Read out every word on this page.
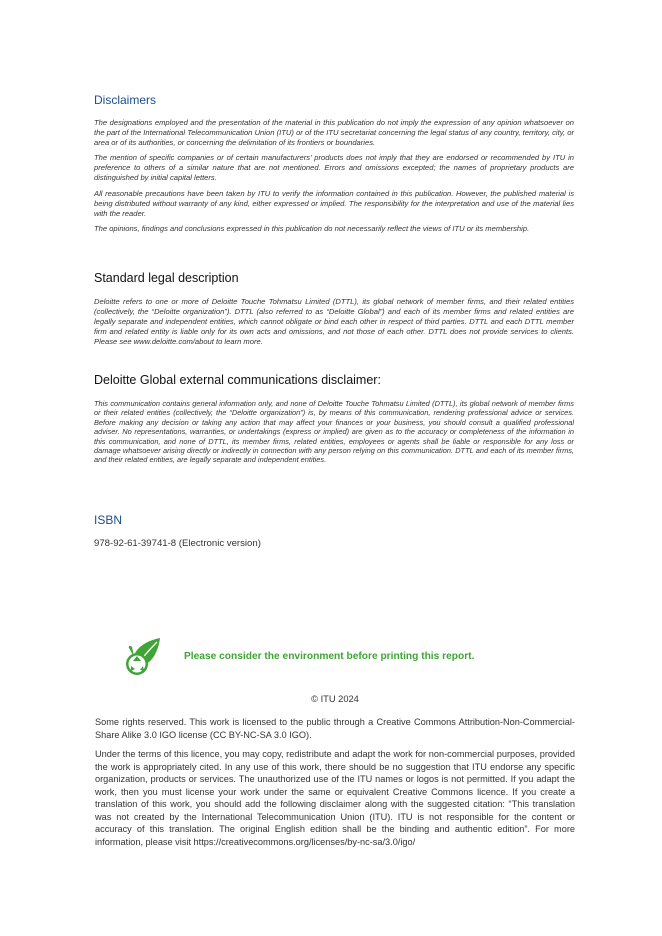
Disclaimers

The designations employed and the presentation of the material in this publication do not imply the expression of any opinion whatsoever on the part of the International Telecommunication Union (ITU) or of the ITU secretariat concerning the legal status of any country, territory, city, or area or of its authorities, or concerning the delimitation of its frontiers or boundaries.

The mention of specific companies or of certain manufacturers’ products does not imply that they are endorsed or recommended by ITU in preference to others of a similar nature that are not mentioned. Errors and omissions excepted; the names of proprietary products are distinguished by initial capital letters.

All reasonable precautions have been taken by ITU to verify the information contained in this publication. However, the published material is being distributed without warranty of any kind, either expressed or implied. The responsibility for the interpretation and use of the material lies with the reader.

The opinions, findings and conclusions expressed in this publication do not necessarily reflect the views of ITU or its membership.

Standard legal description

Deloitte refers to one or more of Deloitte Touche Tohmatsu Limited (DTTL), its global network of member firms, and their related entities (collectively, the “Deloitte organization”). DTTL (also referred to as “Deloitte Global”) and each of its member firms and related entities are legally separate and independent entities, which cannot obligate or bind each other in respect of third parties. DTTL and each DTTL member firm and related entity is liable only for its own acts and omissions, and not those of each other. DTTL does not provide services to clients. Please see www.deloitte.com/about to learn more.

Deloitte Global external communications disclaimer:

This communication contains general information only, and none of Deloitte Touche Tohmatsu Limited (DTTL), its global network of member firms or their related entities (collectively, the “Deloitte organization”) is, by means of this communication, rendering professional advice or services. Before making any decision or taking any action that may affect your finances or your business, you should consult a qualified professional adviser. No representations, warranties, or undertakings (express or implied) are given as to the accuracy or completeness of the information in this communication, and none of DTTL, its member firms, related entities, employees or agents shall be liable or responsible for any loss or damage whatsoever arising directly or indirectly in connection with any person relying on this communication. DTTL and each of its member firms, and their related entities, are legally separate and independent entities.

ISBN

978-92-61-39741-8 (Electronic version)

Please consider the environment before printing this report.
© ITU 2024

Some rights reserved. This work is licensed to the public through a Creative Commons Attribution-Non-Commercial-Share Alike 3.0 IGO license (CC BY-NC-SA 3.0 IGO).

Under the terms of this licence, you may copy, redistribute and adapt the work for non-commercial purposes, provided the work is appropriately cited. In any use of this work, there should be no suggestion that ITU endorse any specific organization, products or services. The unauthorized use of the ITU names or logos is not permitted. If you adapt the work, then you must license your work under the same or equivalent Creative Commons licence. If you create a translation of this work, you should add the following disclaimer along with the suggested citation: “This translation was not created by the International Telecommunication Union (ITU). ITU is not responsible for the content or accuracy of this translation. The original English edition shall be the binding and authentic edition”. For more information, please visit https://creativecommons.org/licenses/by-nc-sa/3.0/igo/
